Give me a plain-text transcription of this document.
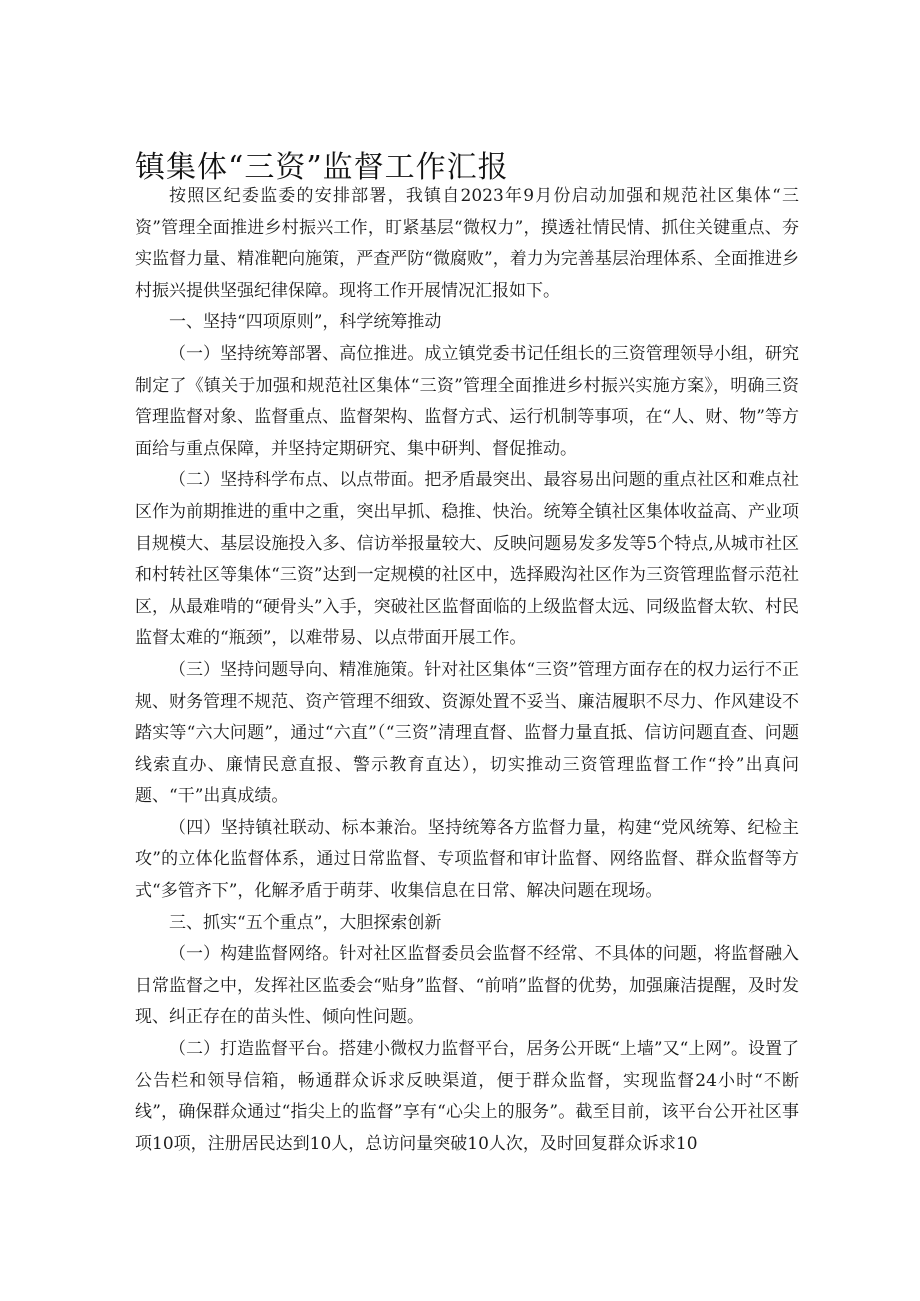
镇集体“三资”监督工作汇报

按照区纪委监委的安排部署，我镇自2023年9月份启动加强和规范社区集体“三资”管理全面推进乡村振兴工作，盯紧基层“微权力”，摸透社情民情、抓住关键重点、夯实监督力量、精准靶向施策，严查严防“微腐败”，着力为完善基层治理体系、全面推进乡村振兴提供坚强纪律保障。现将工作开展情况汇报如下。

一、坚持“四项原则”，科学统筹推动

（一）坚持统筹部署、高位推进。成立镇党委书记任组长的三资管理领导小组，研究制定了《镇关于加强和规范社区集体“三资”管理全面推进乡村振兴实施方案》，明确三资管理监督对象、监督重点、监督架构、监督方式、运行机制等事项，在“人、财、物”等方面给与重点保障，并坚持定期研究、集中研判、督促推动。

（二）坚持科学布点、以点带面。把矛盾最突出、最容易出问题的重点社区和难点社区作为前期推进的重中之重，突出早抓、稳推、快治。统筹全镇社区集体收益高、产业项目规模大、基层设施投入多、信访举报量较大、反映问题易发多发等5个特点,从城市社区和村转社区等集体“三资”达到一定规模的社区中，选择殿沟社区作为三资管理监督示范社区，从最难啃的“硬骨头”入手，突破社区监督面临的上级监督太远、同级监督太软、村民监督太难的“瓶颈”，以难带易、以点带面开展工作。

（三）坚持问题导向、精准施策。针对社区集体“三资”管理方面存在的权力运行不正规、财务管理不规范、资产管理不细致、资源处置不妥当、廉洁履职不尽力、作风建设不踏实等“六大问题”，通过“六直”（“三资”清理直督、监督力量直抵、信访问题直查、问题线索直办、廉情民意直报、警示教育直达），切实推动三资管理监督工作“拎”出真问题、“干”出真成绩。

（四）坚持镇社联动、标本兼治。坚持统筹各方监督力量，构建“党风统筹、纪检主攻”的立体化监督体系，通过日常监督、专项监督和审计监督、网络监督、群众监督等方式“多管齐下”，化解矛盾于萌芽、收集信息在日常、解决问题在现场。

三、抓实“五个重点”，大胆探索创新

（一）构建监督网络。针对社区监督委员会监督不经常、不具体的问题，将监督融入日常监督之中，发挥社区监委会“贴身”监督、“前哨”监督的优势，加强廉洁提醒，及时发现、纠正存在的苗头性、倾向性问题。

（二）打造监督平台。搭建小微权力监督平台，居务公开既“上墙”又“上网”。设置了公告栏和领导信箱，畅通群众诉求反映渠道，便于群众监督，实现监督24小时“不断线”，确保群众通过“指尖上的监督”享有“心尖上的服务”。截至目前，该平台公开社区事项10项，注册居民达到10人，总访问量突破10人次，及时回复群众诉求10
